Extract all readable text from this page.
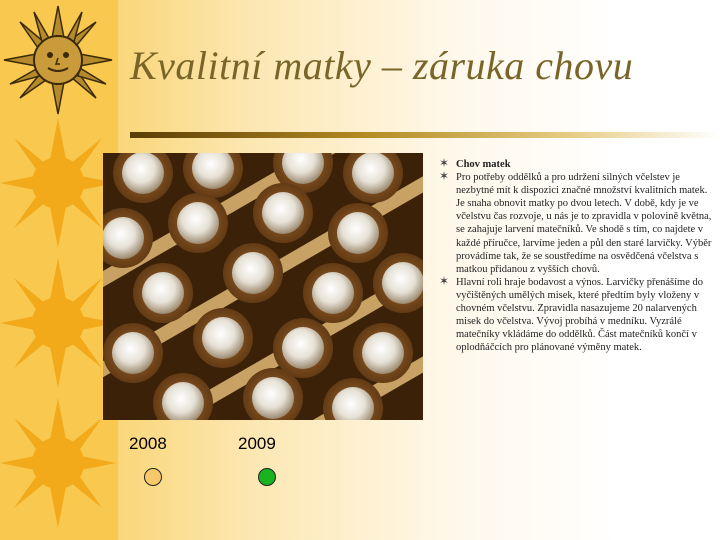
Kvalitní matky – záruka chovu
2008	2009
✶ Chov matek
✶ Pro potřeby oddělků a pro udržení silných včelstev je nezbytné mít k dispozici značné množství kvalitních matek. Je snaha obnovit matky po dvou letech. V době, kdy je ve včelstvu čas rozvoje, u nás je to zpravidla v polovině května, se zahajuje larvení matečníků. Ve shodě s tím, co najdete v každé příručce, larvíme jeden a půl den staré larvičky. Výběr provádíme tak, že se soustředíme na osvědčená včelstva s matkou přidanou z vyšších chovů.
✶ Hlavní roli hraje bodavost a výnos. Larvičky přenášíme do vyčištěných umělých misek, které předtím byly vloženy v chovném včelstvu. Zpravidla nasazujeme 20 nalarvených misek do včelstva. Vývoj probíhá v medníku. Vyzrálé matečníky vkládáme do oddělků. Část matečníků končí v oplodňáčcích pro plánované výměny matek.
